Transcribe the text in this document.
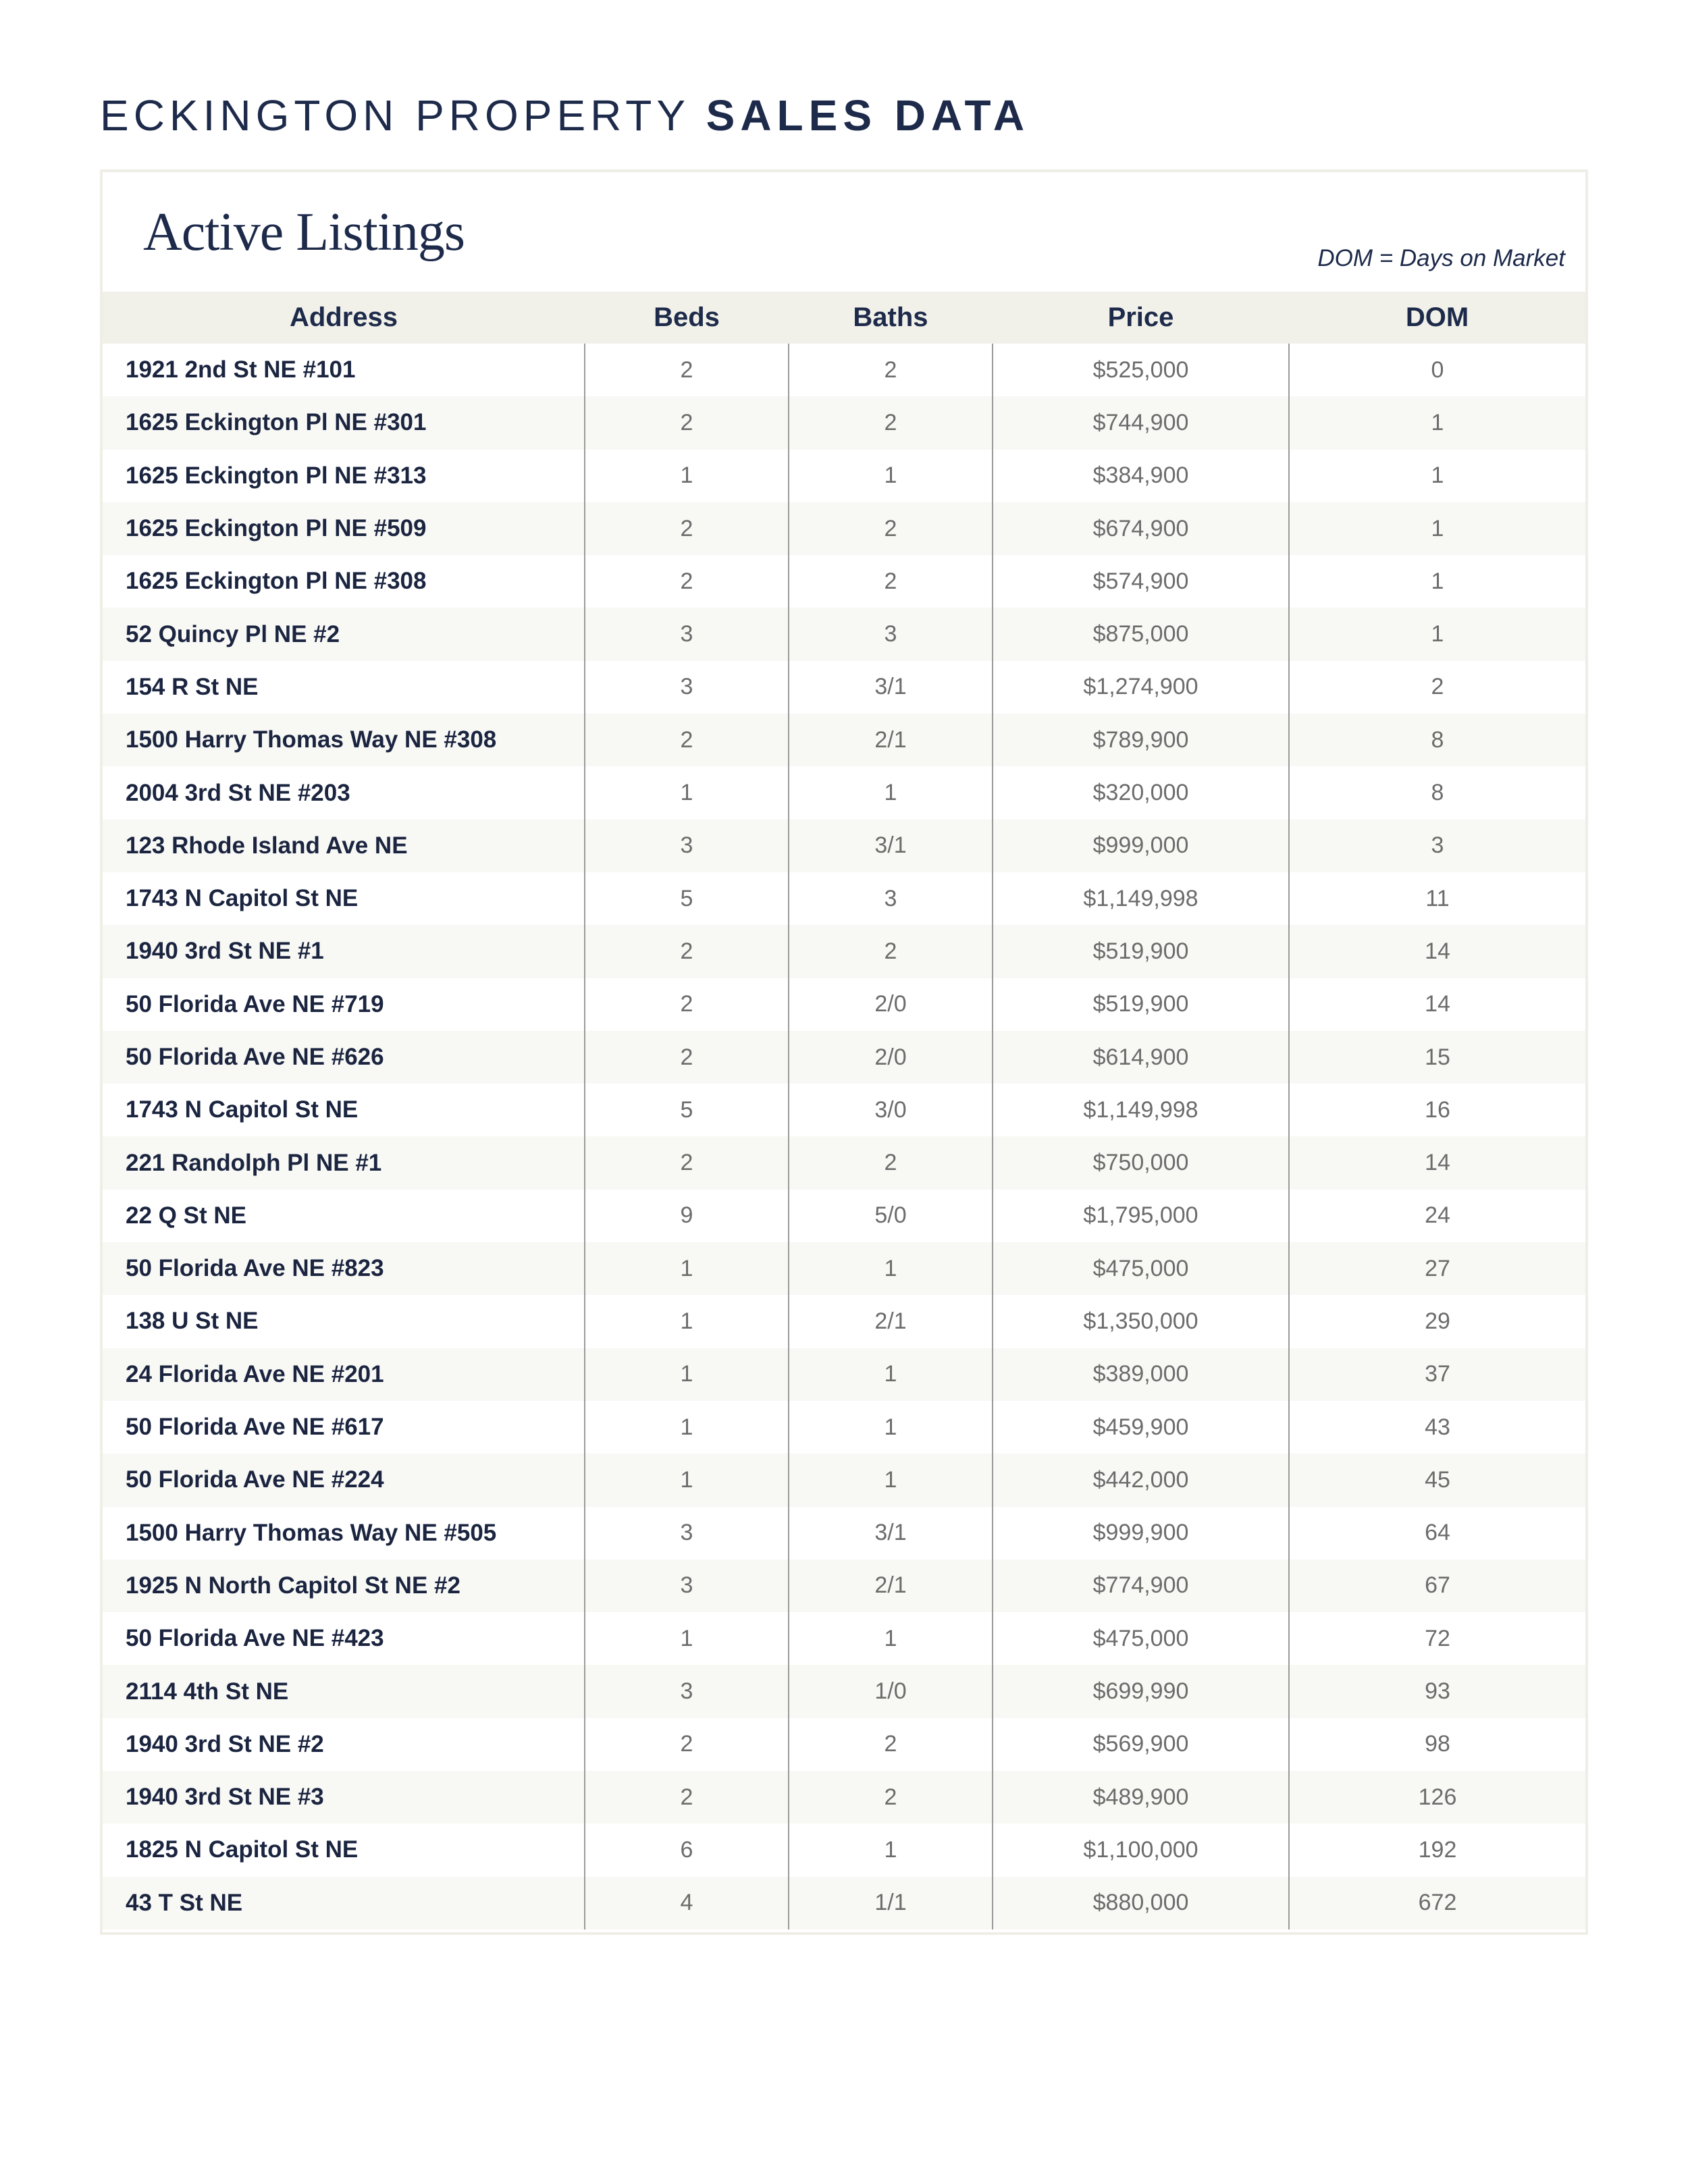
ECKINGTON PROPERTY SALES DATA
Active Listings	DOM = Days on Market
Address	Beds	Baths	Price	DOM
1921 2nd St NE #101	2	2	$525,000	0
1625 Eckington Pl NE #301	2	2	$744,900	1
1625 Eckington Pl NE #313	1	1	$384,900	1
1625 Eckington Pl NE #509	2	2	$674,900	1
1625 Eckington Pl NE #308	2	2	$574,900	1
52 Quincy Pl NE #2	3	3	$875,000	1
154 R St NE	3	3/1	$1,274,900	2
1500 Harry Thomas Way NE #308	2	2/1	$789,900	8
2004 3rd St NE #203	1	1	$320,000	8
123 Rhode Island Ave NE	3	3/1	$999,000	3
1743 N Capitol St NE	5	3	$1,149,998	11
1940 3rd St NE #1	2	2	$519,900	14
50 Florida Ave NE #719	2	2/0	$519,900	14
50 Florida Ave NE #626	2	2/0	$614,900	15
1743 N Capitol St NE	5	3/0	$1,149,998	16
221 Randolph Pl NE #1	2	2	$750,000	14
22 Q St NE	9	5/0	$1,795,000	24
50 Florida Ave NE #823	1	1	$475,000	27
138 U St NE	1	2/1	$1,350,000	29
24 Florida Ave NE #201	1	1	$389,000	37
50 Florida Ave NE #617	1	1	$459,900	43
50 Florida Ave NE #224	1	1	$442,000	45
1500 Harry Thomas Way NE #505	3	3/1	$999,900	64
1925 N North Capitol St NE #2	3	2/1	$774,900	67
50 Florida Ave NE #423	1	1	$475,000	72
2114 4th St NE	3	1/0	$699,990	93
1940 3rd St NE #2	2	2	$569,900	98
1940 3rd St NE #3	2	2	$489,900	126
1825 N Capitol St NE	6	1	$1,100,000	192
43 T St NE	4	1/1	$880,000	672
